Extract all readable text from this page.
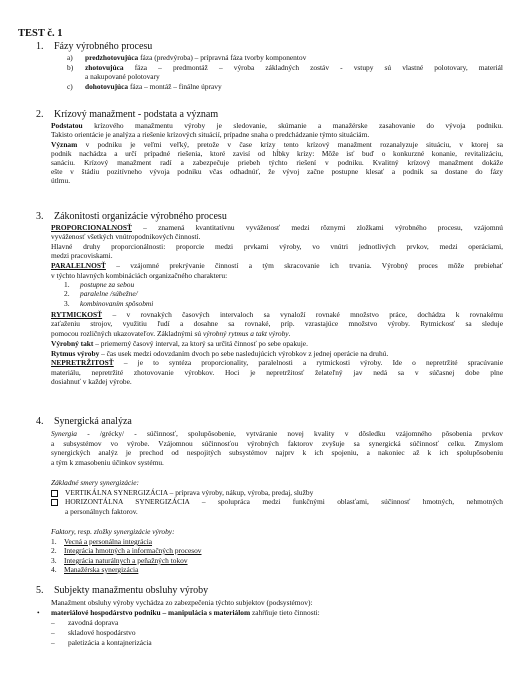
TEST č. 1
1. Fázy výrobného procesu
a) predzhotovujúca fáza (predvýroba) – prípravná fáza tvorby komponentov
b) zhotovujúca fáza – predmontáž – výroba základných zostáv - vstupy sú vlastné polotovary, materiál
a nakupované polotovary
c) dohotovujúca fáza – montáž – finálne úpravy
2. Krízový manažment - podstata a význam
Podstatou krízového manažmentu výroby je sledovanie, skúmanie a manažérske zasahovanie do vývoja podniku.
Takisto orientácie je analýza a riešenie krízových situácií, prípadne snaha o predchádzanie týmto situáciám.
Význam v podniku je veľmi veľký, pretože v čase krízy tento krízový manažment rozanalyzuje situáciu, v ktorej sa
podnik nachádza a určí prípadné riešenia, ktoré zavisí od hĺbky krízy: Môže isť buď o konkurzné konanie, revitalizáciu,
sanáciu. Krízový manažment radí a zabezpečuje priebeh týchto riešení v podniku. Kvalitný krízový manažment dokáže
ešte v štádiu pozitívneho vývoja podniku včas odhadnúť, že vývoj začne postupne klesať a podnik sa dostane do fázy
útlmu.
3. Zákonitosti organizácie výrobného procesu
PROPORCIONALNOSŤ – znamená kvantitatívnu vyváženosť medzi rôznymi zložkami výrobného procesu, vzájomnú
vyváženosť všetkých vnútropodnikových činností.
Hlavné druhy proporcionálnosti: proporcie medzi prvkami výroby, vo vnútri jednotlivých prvkov, medzi operáciami,
medzi pracoviskami.
PARALELNOSŤ – vzájomné prekrývanie činností a tým skracovanie ich trvania. Výrobný proces môže prebiehať
v týchto hlavných kombináciách organizačného charakteru:
1. postupne za sebou
2. paralelne /súbežne/
3. kombinovaním spôsobmi
RYTMICKOSŤ – v rovnakých časových intervaloch sa vynaloží rovnaké množstvo práce, dochádza k rovnakému
zaťaženiu strojov, využitiu ľudí a dosahne sa rovnaké, príp. vzrastajúce množstvo výroby. Rytmickosť sa sleduje
pomocou rozličných ukazovateľov. Základnými sú výrobný rytmus a takt výroby.
Výrobný takt – priemerný časový interval, za ktorý sa určitá činnosť po sebe opakuje.
Rytmus výroby – čas usek medzi odovzdaním dvoch po sebe nasledujúcich výrobkov z jednej operácie na druhú.
NEPRETRŽITOSŤ – je to syntéza proporcionality, paralelnosti a rytmickosti výroby. Ide o nepretržité spracúvanie
materiálu, nepretržité zhotovovanie výrobkov. Hoci je nepretržitosť želateľný jav nedá sa v súčasnej dobe plne
dosiahnuť v každej výrobe.
4. Synergická analýza
Synergia - /grécky/ - súčinnosť, spolupôsobenie, vytváranie novej kvality v dôsledku vzájomného pôsobenia prvkov
a subsystémov vo výrobe. Vzájomnou súčinnosťou výrobných faktorov zvyšuje sa synergická súčinnosť celku. Zmyslom
synergických analýz je prechod od nespojitých subsystémov najprv k ich spojeniu, a nakoniec až k ich spolupôsobeniu
a tým k zmasobeniu účinkov systému.
Základné smery synergizácie:
VERTIKÁLNA SYNERGIZÁCIA – príprava výroby, nákup, výroba, predaj, služby
HORIZONTÁLNA SYNERGIZÁCIA – spolupráca medzi funkčnými oblasťami, súčinnosť hmotných, nehmotných
a personálnych faktorov.
Faktory, resp. zložky synergizácie výroby:
1. Vecná a personálna integrácia
2. Integrácia hmotných a informačných procesov
3. Integrácia naturálnych a peňažných tokov
4. Manažérska synergizácia
5. Subjekty manažmentu obsluhy výroby
Manažment obsluhy výroby vychádza zo zabezpečenia týchto subjektov (podsystémov):
• materiálové hospodárstvo podniku – manipulácia s materiálom zahŕňuje tieto činnosti:
– zavodná doprava
– skladové hospodárstvo
– paletizácia a kontajnerizácia
